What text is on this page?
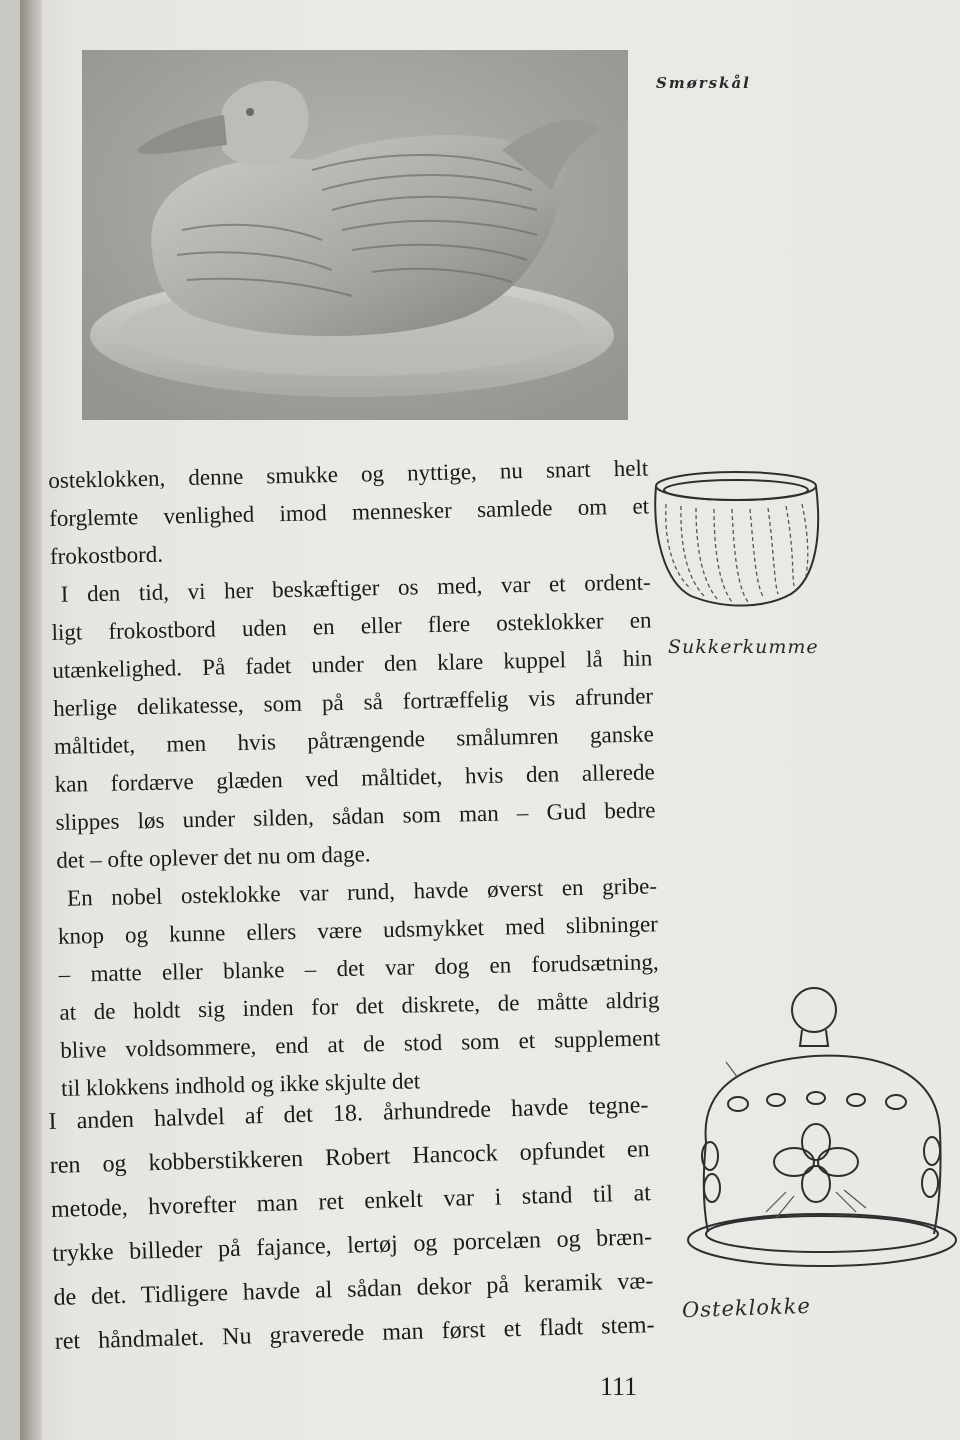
Smørskål
Sukkerkumme
Osteklokke
osteklokken, denne smukke og nyttige, nu snart helt
forglemte venlighed imod mennesker samlede om et
frokostbord.
I den tid, vi her beskæftiger os med, var et ordent-
ligt frokostbord uden en eller flere osteklokker en
utænkelighed. På fadet under den klare kuppel lå hin
herlige delikatesse, som på så fortræffelig vis afrunder
måltidet, men hvis påtrængende smålumren ganske
kan fordærve glæden ved måltidet, hvis den allerede
slippes løs under silden, sådan som man – Gud bedre
det – ofte oplever det nu om dage.
En nobel osteklokke var rund, havde øverst en gribe-
knop og kunne ellers være udsmykket med slibninger
– matte eller blanke – det var dog en forudsætning,
at de holdt sig inden for det diskrete, de måtte aldrig
blive voldsommere, end at de stod som et supplement
til klokkens indhold og ikke skjulte det
I anden halvdel af det 18. århundrede havde tegne-
ren og kobberstikkeren Robert Hancock opfundet en
metode, hvorefter man ret enkelt var i stand til at
trykke billeder på fajance, lertøj og porcelæn og bræn-
de det. Tidligere havde al sådan dekor på keramik væ-
ret håndmalet. Nu graverede man først et fladt stem-
111
